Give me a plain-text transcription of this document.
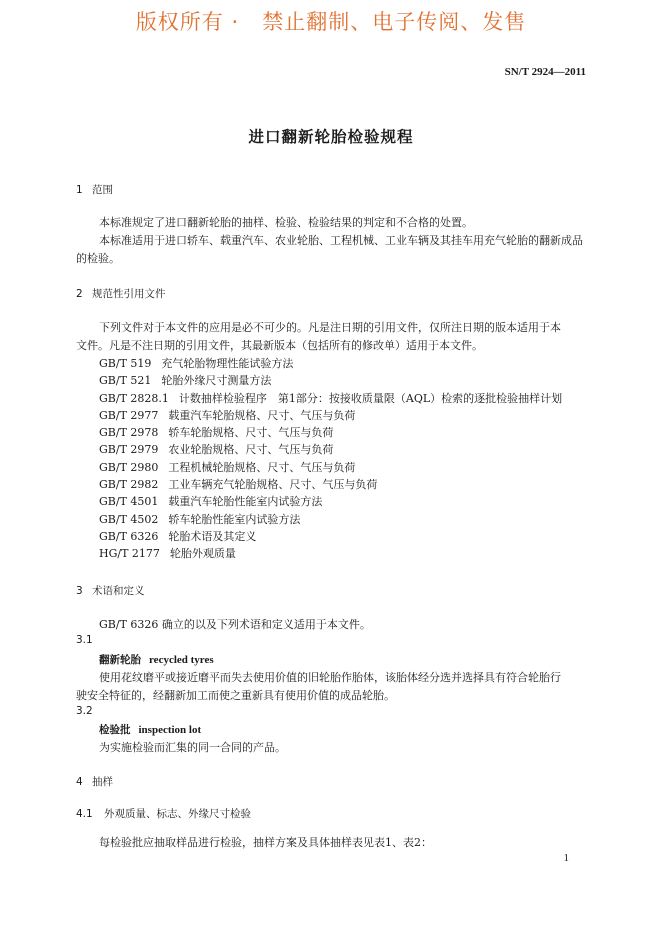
版权所有 ·   禁止翻制、电子传阅、发售
SN/T 2924—2011
进口翻新轮胎检验规程
1 范围
本标准规定了进口翻新轮胎的抽样、检验、检验结果的判定和不合格的处置。
本标准适用于进口轿车、载重汽车、农业轮胎、工程机械、工业车辆及其挂车用充气轮胎的翻新成品
的检验。
2 规范性引用文件
下列文件对于本文件的应用是必不可少的。凡是注日期的引用文件，仅所注日期的版本适用于本
文件。凡是不注日期的引用文件，其最新版本（包括所有的修改单）适用于本文件。
GB/T 519 充气轮胎物理性能试验方法
GB/T 521 轮胎外缘尺寸测量方法
GB/T 2828.1 计数抽样检验程序　第1部分：按接收质量限（AQL）检索的逐批检验抽样计划
GB/T 2977 载重汽车轮胎规格、尺寸、气压与负荷
GB/T 2978 轿车轮胎规格、尺寸、气压与负荷
GB/T 2979 农业轮胎规格、尺寸、气压与负荷
GB/T 2980 工程机械轮胎规格、尺寸、气压与负荷
GB/T 2982 工业车辆充气轮胎规格、尺寸、气压与负荷
GB/T 4501 载重汽车轮胎性能室内试验方法
GB/T 4502 轿车轮胎性能室内试验方法
GB/T 6326 轮胎术语及其定义
HG/T 2177 轮胎外观质量
3 术语和定义
GB/T 6326 确立的以及下列术语和定义适用于本文件。
3.1
翻新轮胎 recycled tyres
使用花纹磨平或接近磨平而失去使用价值的旧轮胎作胎体，该胎体经分选并选择具有符合轮胎行
驶安全特征的，经翻新加工而使之重新具有使用价值的成品轮胎。
3.2
检验批 inspection lot
为实施检验而汇集的同一合同的产品。
4 抽样
4.1 外观质量、标志、外缘尺寸检验
每检验批应抽取样品进行检验，抽样方案及具体抽样表见表1、表2：
1
